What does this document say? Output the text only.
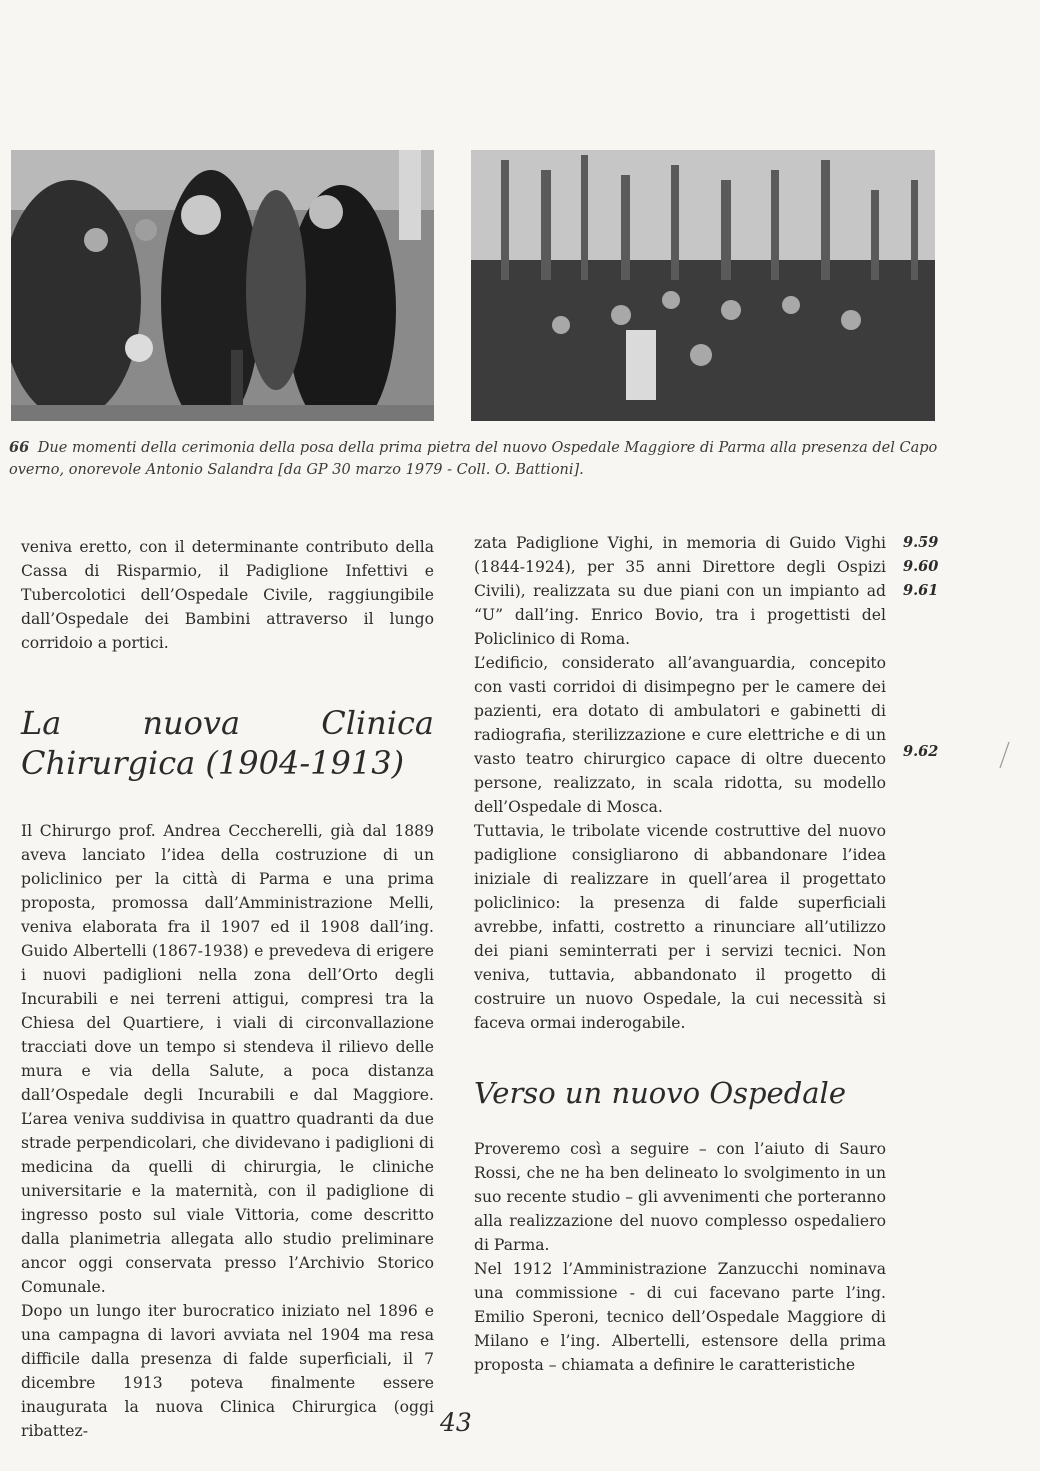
66 Due momenti della cerimonia della posa della prima pietra del nuovo Ospedale Maggiore di Parma alla presenza del Capo overno, onorevole Antonio Salandra [da GP 30 marzo 1979 - Coll. O. Battioni].

veniva eretto, con il determinante contributo della Cassa di Risparmio, il Padiglione Infettivi e Tubercolotici dell’Ospedale Civile, raggiungibile dall’Ospedale dei Bambini attraverso il lungo corridoio a portici.

La nuova Clinica Chirurgica (1904-1913)

Il Chirurgo prof. Andrea Ceccherelli, già dal 1889 aveva lanciato l’idea della costruzione di un policlinico per la città di Parma e una prima proposta, promossa dall’Amministrazione Melli, veniva elaborata fra il 1907 ed il 1908 dall’ing. Guido Albertelli (1867-1938) e prevedeva di erigere i nuovi padiglioni nella zona dell’Orto degli Incurabili e nei terreni attigui, compresi tra la Chiesa del Quartiere, i viali di circonvallazione tracciati dove un tempo si stendeva il rilievo delle mura e via della Salute, a poca distanza dall’Ospedale degli Incurabili e dal Maggiore. L’area veniva suddivisa in quattro quadranti da due strade perpendicolari, che dividevano i padiglioni di medicina da quelli di chirurgia, le cliniche universitarie e la maternità, con il padiglione di ingresso posto sul viale Vittoria, come descritto dalla planimetria allegata allo studio preliminare ancor oggi conservata presso l’Archivio Storico Comunale.

Dopo un lungo iter burocratico iniziato nel 1896 e una campagna di lavori avviata nel 1904 ma resa difficile dalla presenza di falde superficiali, il 7 dicembre 1913 poteva finalmente essere inaugurata la nuova Clinica Chirurgica (oggi ribattez-

zata Padiglione Vighi, in memoria di Guido Vighi (1844-1924), per 35 anni Direttore degli Ospizi Civili), realizzata su due piani con un impianto ad “U” dall’ing. Enrico Bovio, tra i progettisti del Policlinico di Roma.

L’edificio, considerato all’avanguardia, concepito con vasti corridoi di disimpegno per le camere dei pazienti, era dotato di ambulatori e gabinetti di radiografia, sterilizzazione e cure elettriche e di un vasto teatro chirurgico capace di oltre duecento persone, realizzato, in scala ridotta, su modello dell’Ospedale di Mosca.

Tuttavia, le tribolate vicende costruttive del nuovo padiglione consigliarono di abbandonare l’idea iniziale di realizzare in quell’area il progettato policlinico: la presenza di falde superficiali avrebbe, infatti, costretto a rinunciare all’utilizzo dei piani seminterrati per i servizi tecnici. Non veniva, tuttavia, abbandonato il progetto di costruire un nuovo Ospedale, la cui necessità si faceva ormai inderogabile.

Verso un nuovo Ospedale

Proveremo così a seguire – con l’aiuto di Sauro Rossi, che ne ha ben delineato lo svolgimento in un suo recente studio – gli avvenimenti che porteranno alla realizzazione del nuovo complesso ospedaliero di Parma.

Nel 1912 l’Amministrazione Zanzucchi nominava una commissione - di cui facevano parte l’ing. Emilio Speroni, tecnico dell’Ospedale Maggiore di Milano e l’ing. Albertelli, estensore della prima proposta – chiamata a definire le caratteristiche

9.59
9.60
9.61
9.62
43
